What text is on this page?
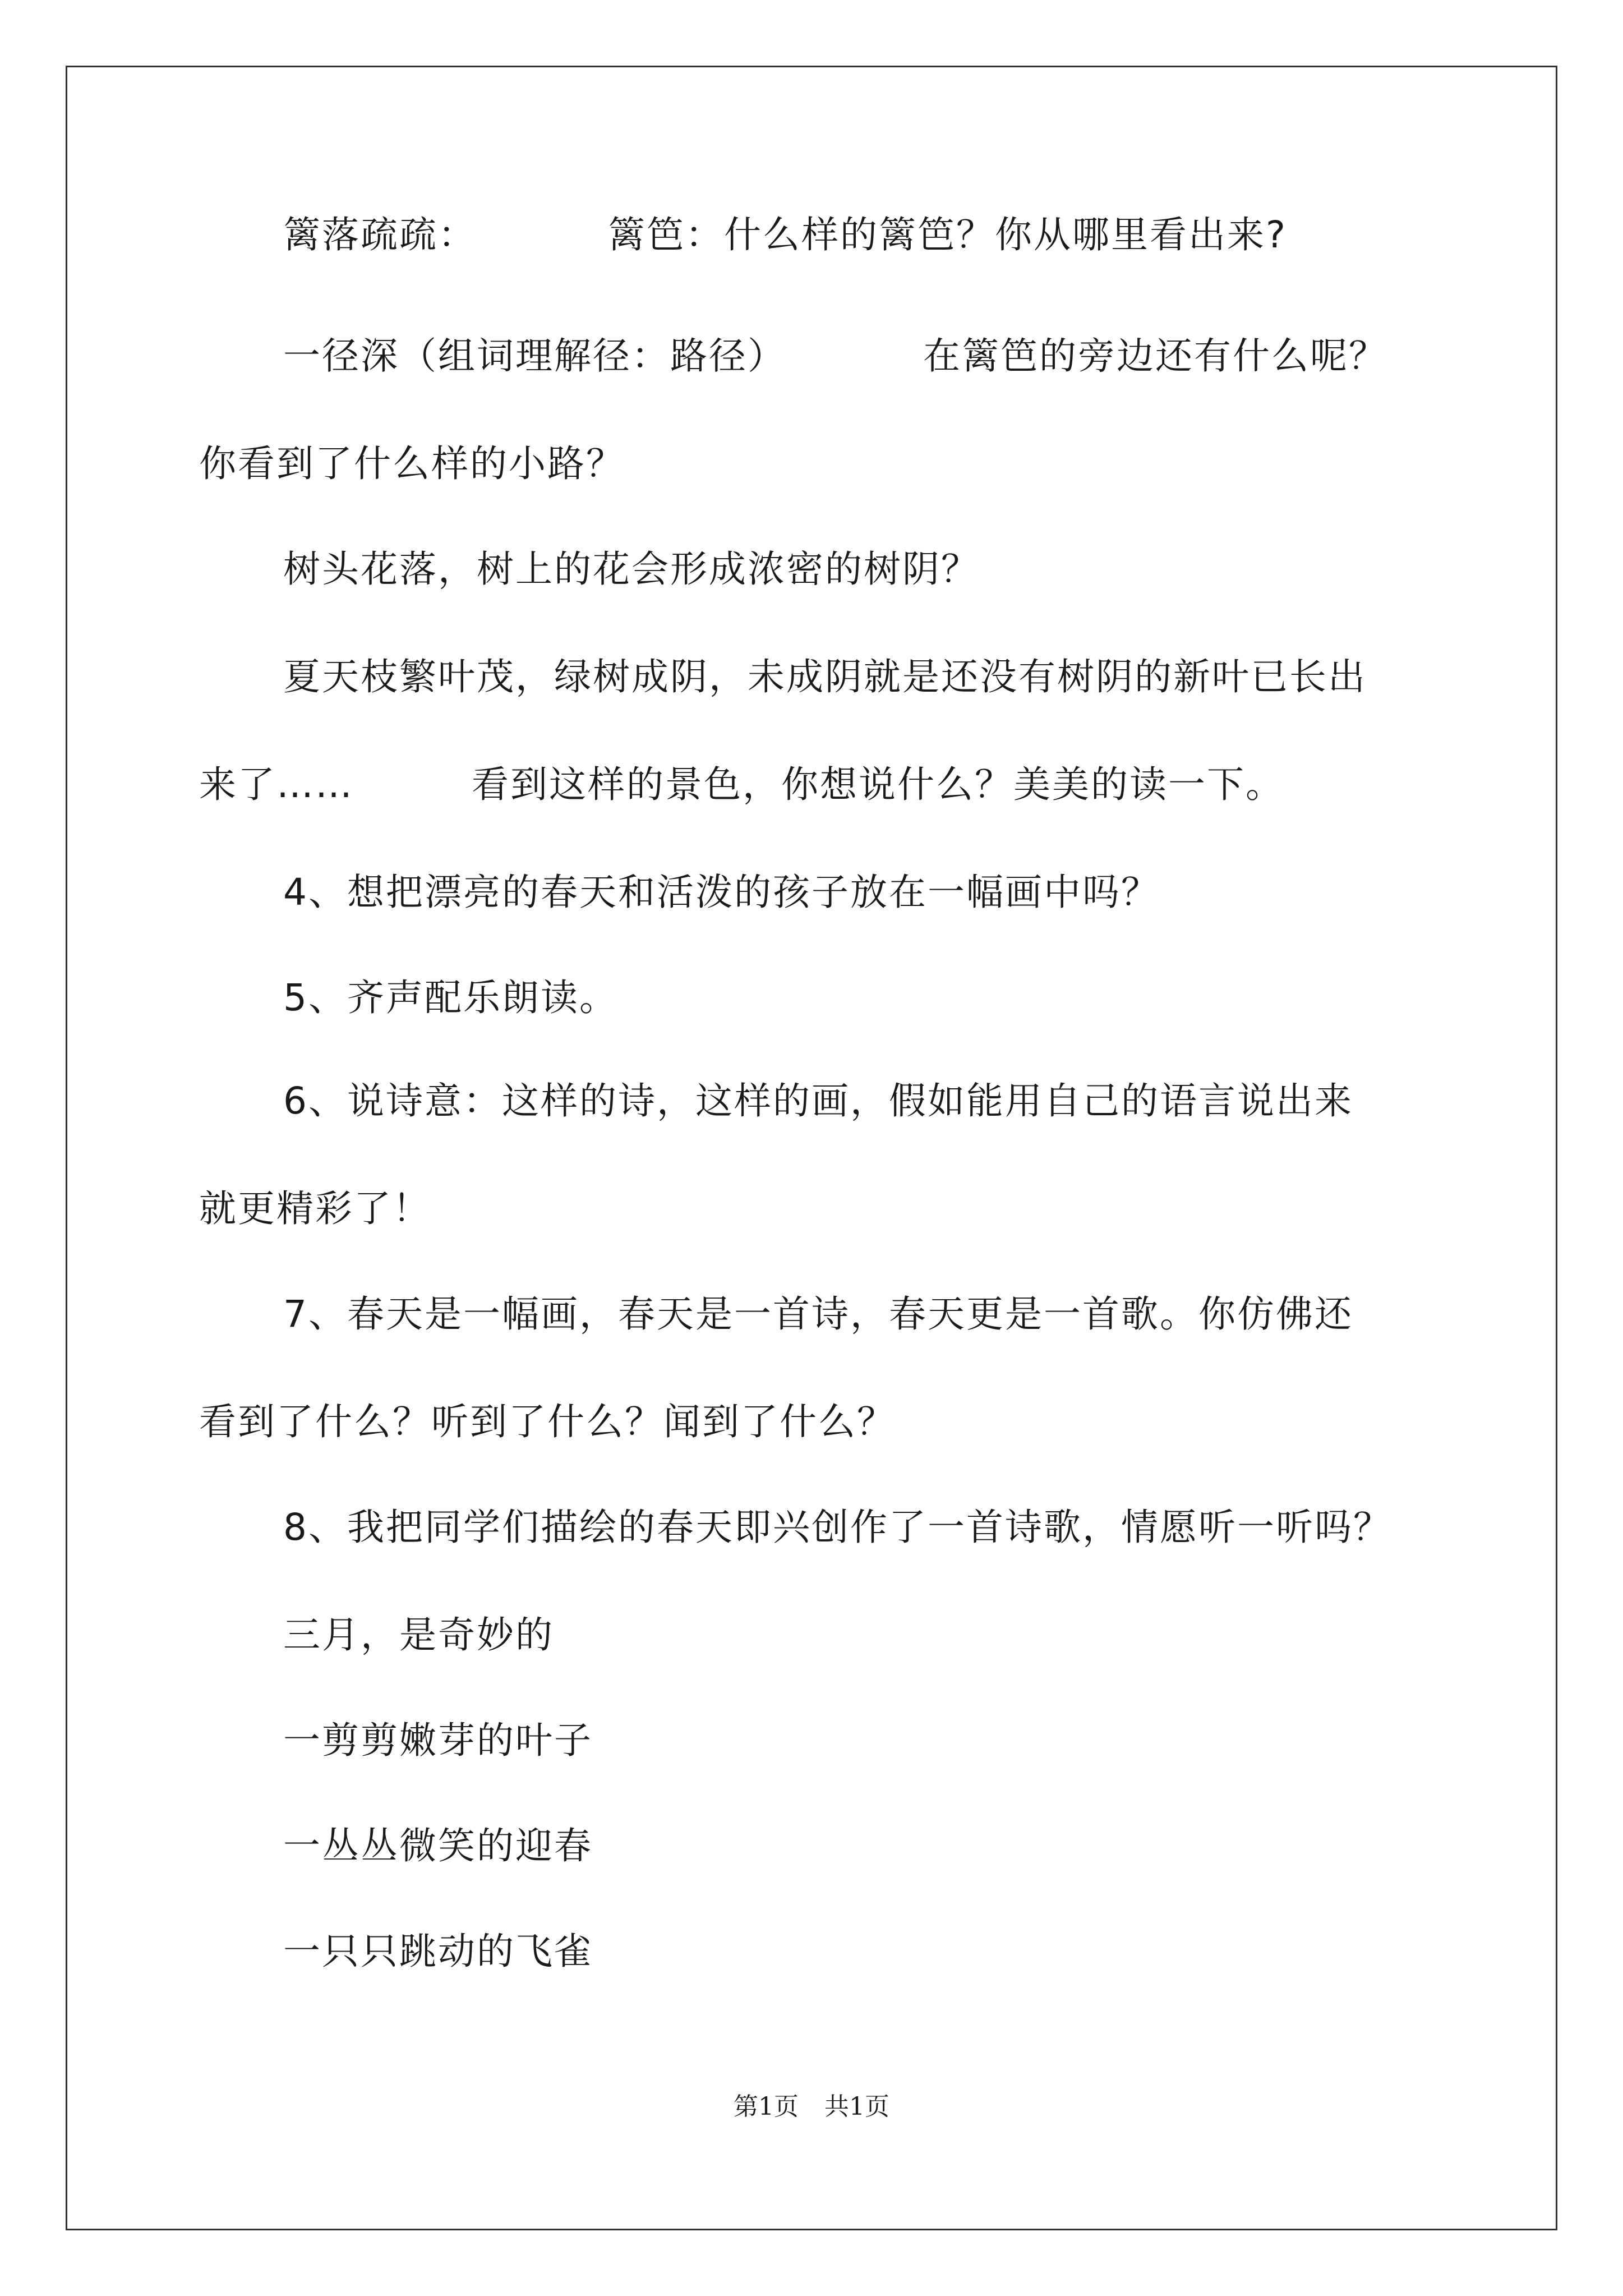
篱落疏疏：	篱笆：什么样的篱笆？你从哪里看出来?
一径深（组词理解径：路径）	在篱笆的旁边还有什么呢？
你看到了什么样的小路？
树头花落，树上的花会形成浓密的树阴？
夏天枝繁叶茂，绿树成阴，未成阴就是还没有树阴的新叶已长出
来了……	看到这样的景色，你想说什么？美美的读一下。
4、想把漂亮的春天和活泼的孩子放在一幅画中吗？
5、齐声配乐朗读。
6、说诗意：这样的诗，这样的画，假如能用自己的语言说出来
就更精彩了！
7、春天是一幅画，春天是一首诗，春天更是一首歌。你仿佛还
看到了什么？听到了什么？闻到了什么？
8、我把同学们描绘的春天即兴创作了一首诗歌，情愿听一听吗？
三月，是奇妙的
一剪剪嫩芽的叶子
一丛丛微笑的迎春
一只只跳动的飞雀
第1页 共1页
